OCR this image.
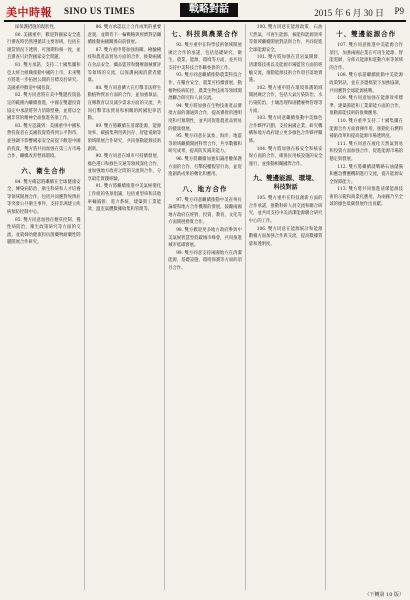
美中時報 SINO US TIMES	戰略對話	2015 年 6 月 30 日 P9

採保護措施的現狀性。

80. 美國重申，歡迎對國家安全進行審查時仍然遵循其主要原則，包括在適當情況下透明、可預期和相一致，並且審查只針對國家安全問題。

81. 雙方承諾，支持二十國集團和亞太經合組織推動中國的上市，未來雙方將進一步拓展公開的目標及於研究。美國重申歡迎中國投資。

82. 雙方同意將在美中雙邊投資協定的範圍內繼續推進，中國在雙邊投資協定中承諾將努力消除壁壘，並將以全國非常的精神全面推進各項工作。

83. 雙方認識到：美國重申中國私營投資者在美國投資將得到公平對待，並強調不影響國家安全前提下歡迎中國的投資，雙方將共同加強在第三方市場合作，繼續改善營商環境。

六、衛生合作

84. 雙方確認將繼續在全球健康安全、傳染病防治、衛生科研和人才培養等領域開展合作，包括共同應對埃博拉等突發公共衛生事件，支持非洲建立疾病預防控制中心。

85. 雙方同意加強在煙草控制、慢性病防治、衛生政策研究等方面的交流，並就婦幼健康和抗菌藥物耐藥性問題開展合作研究。

86. 雙方承認以上合作成果的重要意義，並期待下一輪戰略與經濟對話繼續推動兩國關係向前發展。

87. 雙方重申將加強海關、檢驗檢疫和農產品貿易方面的合作，推動兩國在食品安全、藥品監管和醫療器械審評等領域的交流，以保護兩國消費者健康。

88. 雙方同意擴大在打擊非法野生動植物貿易方面的合作，並加強執法、宣傳教育以及減少需求方面的交流，共同打擊非法貿易和相關的跨國犯罪活動。

89. 雙方將繼續在清潔能源、能源效率、碳捕集利用與封存、智能電網等領域開展合作研究，共同推動能源技術創新。

90. 雙方同意在城市可持續發展、綠色港口和綠色交通等領域深化合作，並加強地方政府之間的交流與合作，分享最佳實踐經驗。

91. 雙方將繼續推進中美氣候變化工作組的各項倡議，包括重型車和其他車輛減排、電力系統、建築與工業能效、溫室氣體數據收集和管理等。

七、科技與農業合作

92. 雙方重申在科學技術領域開展廣泛合作的承諾，包括基礎研究、衛生、農業、能源、環境等方面，並共同支持中美科技合作聯委會的工作。

93. 雙方同意繼續推動農業科技合作，在糧食安全、農業可持續發展、動植物疫病防控、農業生物技術等領域開展聯合研究和人員交流。

94. 雙方將加強在生物技術產品審批方面的溝通與合作，提高審批的透明度和可預期性，並共同促進農產品貿易的健康發展。

95. 雙方同意在氣象、海洋、地震等領域繼續開展科學合作，共享數據和研究成果，提高防災減災能力。

96. 雙方將繼續加強知識產權保護方面的合作，打擊侵權假冒行為，並促進創新成果的轉化和應用。

八、地方合作

97. 雙方同意繼續推動中美省州長論壇和地方合作機制的發展，鼓勵兩國地方政府在經貿、投資、教育、文化等方面開展務實合作。

98. 雙方歡迎更多地方政府參與中美氣候智慧型低碳城市峰會，共同推進城市低碳發展。

99. 雙方同意支持兩國地方在清潔能源、基礎設施、環境保護等方面的項目合作。

100. 雙方同意在能源政策、石油天然氣、可再生能源、核能和能源效率等領域繼續開展對話與合作，共同促進全球能源安全。

101. 雙方將加強在頁岩氣開發、清潔煤技術以及能源市場監管方面的經驗交流，推動能源技術合作項目落地實施。

102. 雙方重申將在環境保護領域開展廣泛合作，包括大氣污染防治、水污染防治、土壤治理和固體廢物管理等方面。

103. 雙方同意繼續推動中美綠色合作夥伴計劃，支持兩國企業、研究機構和地方政府建立更多綠色合作夥伴關係。

104. 雙方將加強在核安全和核安保方面的合作，確保民用核設施的安全運行，並推動相關國際合作。

九、雙邊能源、環境、
科技對話

105. 雙方重申在科技創新方面的合作承諾，推動科研人員交流和聯合研究，並共同支持中美清潔能源聯合研究中心的工作。

106. 雙方同意在能源統計和能源數據方面加強合作與交流，提高數據質量和透明度。

十、雙邊能源合作

107. 雙方同意推進中美能源合作項目，加強兩國企業在可再生能源、智能電網、分佈式能源和電動汽車等領域的合作。

108. 雙方承諾繼續推動中美能源政策對話，並在多邊框架下加強協調，共同應對全球能源挑戰。

109. 雙方同意加強在能源效率標準、建築節能和工業節能方面的合作，推動節能技術的推廣應用。

110. 雙方重申支持二十國集團在能源合作方面發揮作用，推動化石燃料補貼改革和提高能源市場透明度。

111. 雙方同意在液化天然氣貿易和投資方面加強合作，促進能源市場的穩定與發展。

112. 雙方將繼續就戰略石油儲備和應急響應機制進行交流，提升能源安全保障能力。

113. 雙方將共同推進清潔能源技術的示範和商業化應用，為兩國乃至全球的綠色低碳發展作出貢獻。

（下轉第 10 版）
